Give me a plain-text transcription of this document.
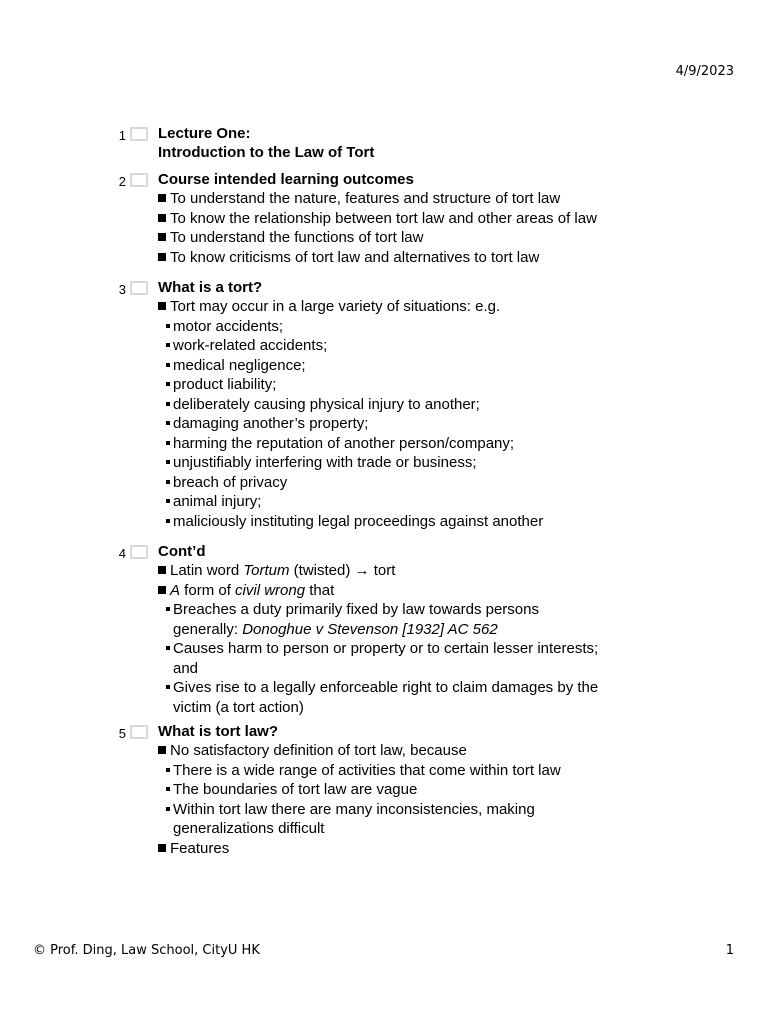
4/9/2023
1 Lecture One:
Introduction to the Law of Tort
2 Course intended learning outcomes
To understand the nature, features and structure of tort law
To know the relationship between tort law and other areas of law
To understand the functions of tort law
To know criticisms of tort law and alternatives to tort law
3 What is a tort?
Tort may occur in a large variety of situations: e.g.
motor accidents;
work-related accidents;
medical negligence;
product liability;
deliberately causing physical injury to another;
damaging another’s property;
harming the reputation of another person/company;
unjustifiably interfering with trade or business;
breach of privacy
animal injury;
maliciously instituting legal proceedings against another
4 Cont’d
Latin word Tortum (twisted) → tort
A form of civil wrong that
Breaches a duty primarily fixed by law towards persons
generally: Donoghue v Stevenson [1932] AC 562
Causes harm to person or property or to certain lesser interests;
and
Gives rise to a legally enforceable right to claim damages by the
victim (a tort action)
5 What is tort law?
No satisfactory definition of tort law, because
There is a wide range of activities that come within tort law
The boundaries of tort law are vague
Within tort law there are many inconsistencies, making
generalizations difficult
Features
© Prof. Ding, Law School, CityU HK	1
